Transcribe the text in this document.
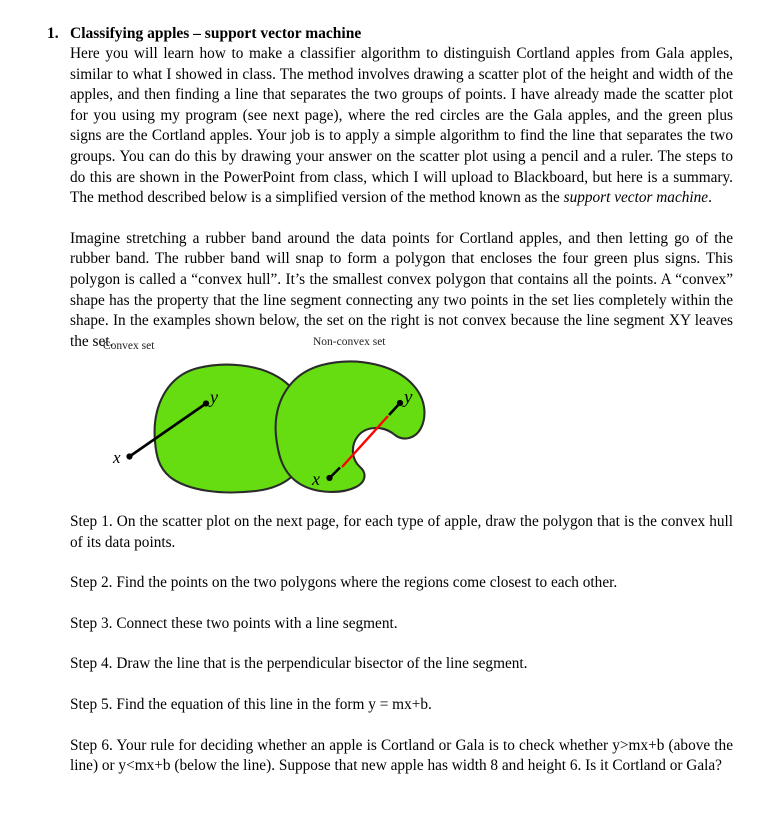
1. Classifying apples – support vector machine

Here you will learn how to make a classifier algorithm to distinguish Cortland apples from Gala apples, similar to what I showed in class. The method involves drawing a scatter plot of the height and width of the apples, and then finding a line that separates the two groups of points. I have already made the scatter plot for you using my program (see next page), where the red circles are the Gala apples, and the green plus signs are the Cortland apples. Your job is to apply a simple algorithm to find the line that separates the two groups. You can do this by drawing your answer on the scatter plot using a pencil and a ruler. The steps to do this are shown in the PowerPoint from class, which I will upload to Blackboard, but here is a summary. The method described below is a simplified version of the method known as the support vector machine.

Imagine stretching a rubber band around the data points for Cortland apples, and then letting go of the rubber band. The rubber band will snap to form a polygon that encloses the four green plus signs. This polygon is called a “convex hull”. It’s the smallest convex polygon that contains all the points. A “convex” shape has the property that the line segment connecting any two points in the set lies completely within the shape. In the examples shown below, the set on the right is not convex because the line segment XY leaves the set.

Convex set	Non-convex set
x
y
x
y

Step 1. On the scatter plot on the next page, for each type of apple, draw the polygon that is the convex hull of its data points.

Step 2. Find the points on the two polygons where the regions come closest to each other.

Step 3. Connect these two points with a line segment.

Step 4. Draw the line that is the perpendicular bisector of the line segment.

Step 5. Find the equation of this line in the form y = mx+b.

Step 6. Your rule for deciding whether an apple is Cortland or Gala is to check whether y>mx+b (above the line) or y<mx+b (below the line). Suppose that new apple has width 8 and height 6. Is it Cortland or Gala?
